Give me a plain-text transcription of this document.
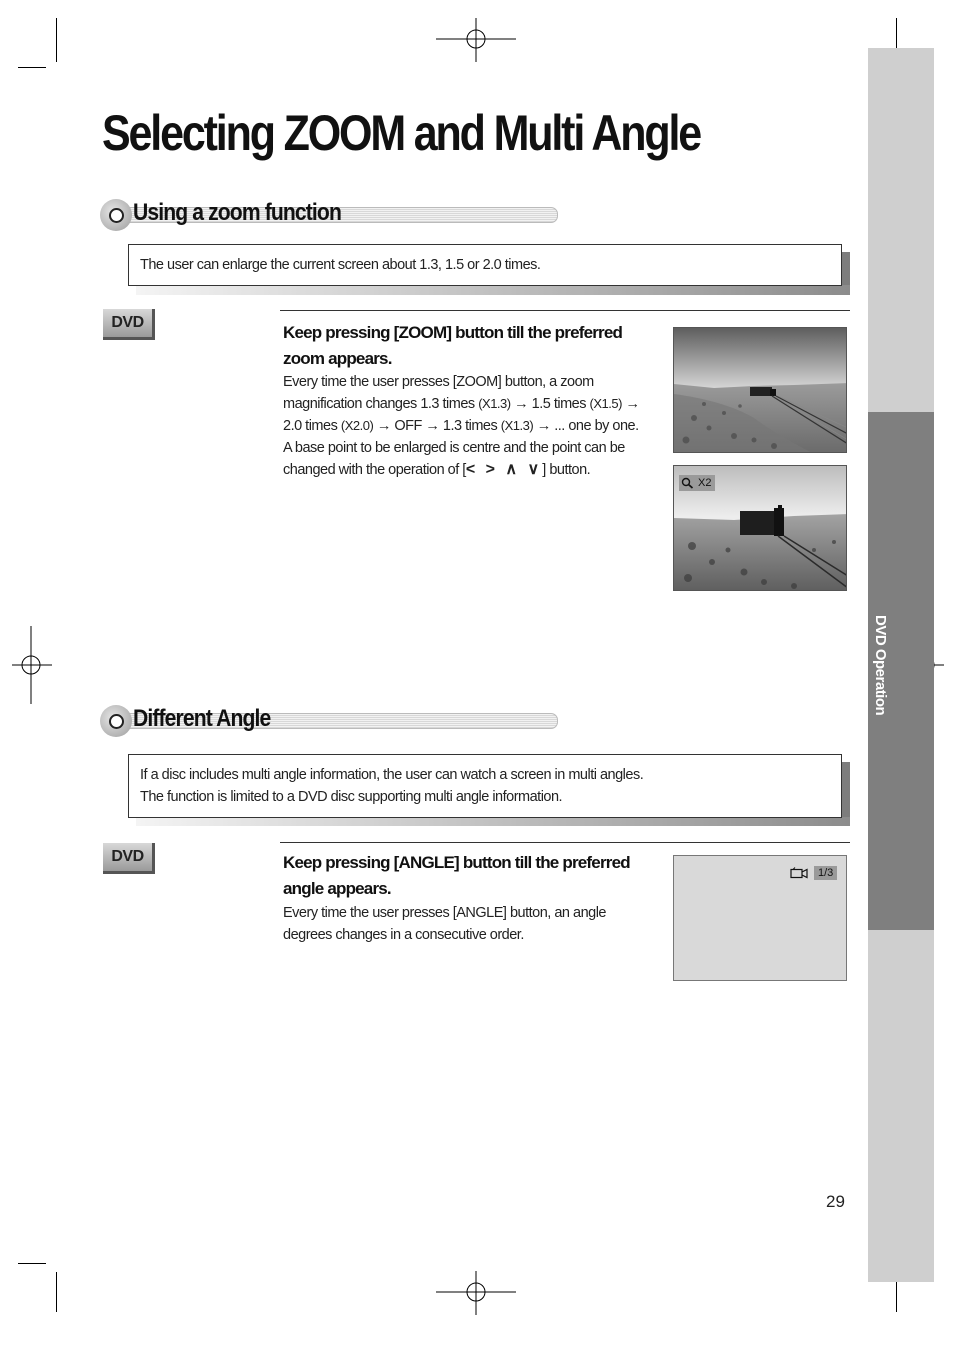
DVD Operation
Selecting ZOOM and Multi Angle
Using a zoom function
The user can enlarge the current screen about 1.3, 1.5 or 2.0 times.
DVD
Keep pressing [ZOOM] button till the preferred zoom appears.
Every time the user presses [ZOOM] button, a zoom magnification changes 1.3 times (X1.3) → 1.5 times (X1.5) → 2.0 times (X2.0) → OFF → 1.3 times (X1.3) → ... one by one.
A base point to be enlarged is centre and the point can be changed with the operation of [< > ∧ ∨] button.
X2
Different Angle
If a disc includes multi angle information, the user can watch a screen in multi angles.
The function is limited to a DVD disc supporting multi angle information.
DVD	Keep pressing [ANGLE] button till the preferred angle appears.
Every time the user presses [ANGLE] button, an angle degrees changes in a consecutive order.
1/3
29
